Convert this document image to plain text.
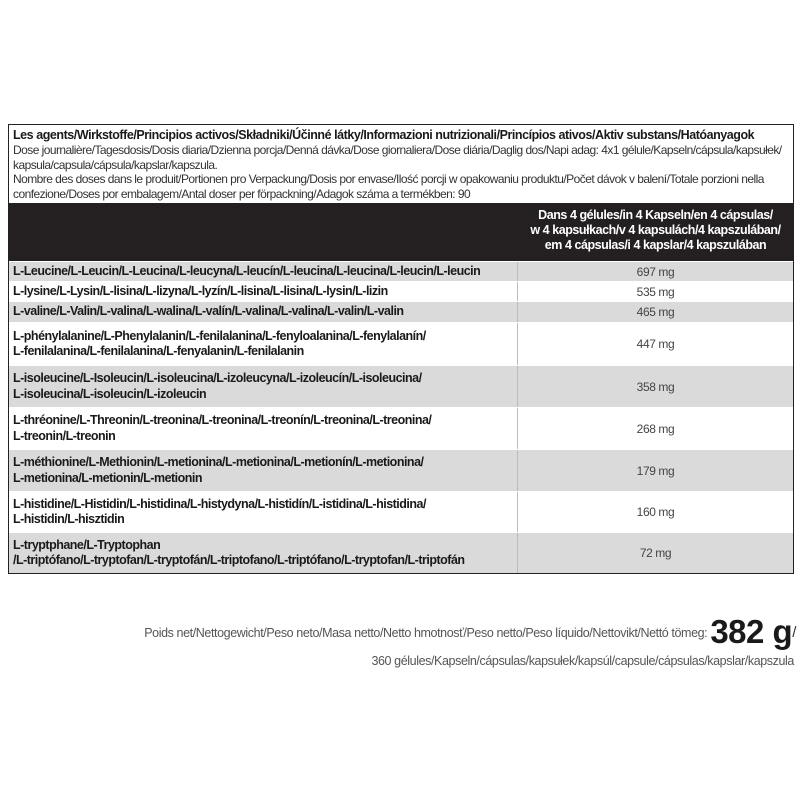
Les agents/Wirkstoffe/Principios activos/Składniki/Účinné látky/Informazioni nutrizionali/Princípios ativos/Aktiv substans/Hatóanyagok
Dose journalière/Tagesdosis/Dosis diaria/Dzienna porcja/Denná dávka/Dose giornaliera/Dose diária/Daglig dos/Napi adag: 4x1 gélule/Kapseln/cápsula/kapsułek/
kapsula/capsula/cápsula/kapslar/kapszula.
Nombre des doses dans le produit/Portionen pro Verpackung/Dosis por envase/Ilość porcji w opakowaniu produktu/Počet dávok v balení/Totale porzioni nella
confezione/Doses por embalagem/Antal doser per förpackning/Adagok száma a termékben: 90
Dans 4 gélules/in 4 Kapseln/en 4 cápsulas/
w 4 kapsułkach/v 4 kapsulách/4 kapszulában/
em 4 cápsulas/i 4 kapslar/4 kapszulában
L-Leucine/L-Leucin/L-Leucina/L-leucyna/L-leucín/L-leucina/L-leucina/L-leucin/L-leucin	697 mg
L-lysine/L-Lysin/L-lisina/L-lizyna/L-lyzín/L-lisina/L-lisina/L-lysin/L-lizin	535 mg
L-valine/L-Valin/L-valina/L-walina/L-valín/L-valina/L-valina/L-valin/L-valin	465 mg
L-phénylalanine/L-Phenylalanin/L-fenilalanina/L-fenyloalanina/L-fenylalanín/
L-fenilalanina/L-fenilalanina/L-fenyalanin/L-fenilalanin	447 mg
L-isoleucine/L-Isoleucin/L-isoleucina/L-izoleucyna/L-izoleucín/L-isoleucina/
L-isoleucina/L-isoleucin/L-izoleucin	358 mg
L-thréonine/L-Threonin/L-treonina/L-treonina/L-treonín/L-treonina/L-treonina/
L-treonin/L-treonin	268 mg
L-méthionine/L-Methionin/L-metionina/L-metionina/L-metionín/L-metionina/
L-metionina/L-metionin/L-metionin	179 mg
L-histidine/L-Histidin/L-histidina/L-histydyna/L-histidín/L-istidina/L-histidina/
L-histidin/L-hisztidin	160 mg
L-tryptphane/L-Tryptophan
/L-triptófano/L-tryptofan/L-tryptofán/L-triptofano/L-triptófano/L-tryptofan/L-triptofán	72 mg
Poids net/Nettogewicht/Peso neto/Masa netto/Netto hmotnosť/Peso netto/Peso líquido/Nettovikt/Nettó tömeg: 382 g/
360 gélules/Kapseln/cápsulas/kapsułek/kapsúl/capsule/cápsulas/kapslar/kapszula
